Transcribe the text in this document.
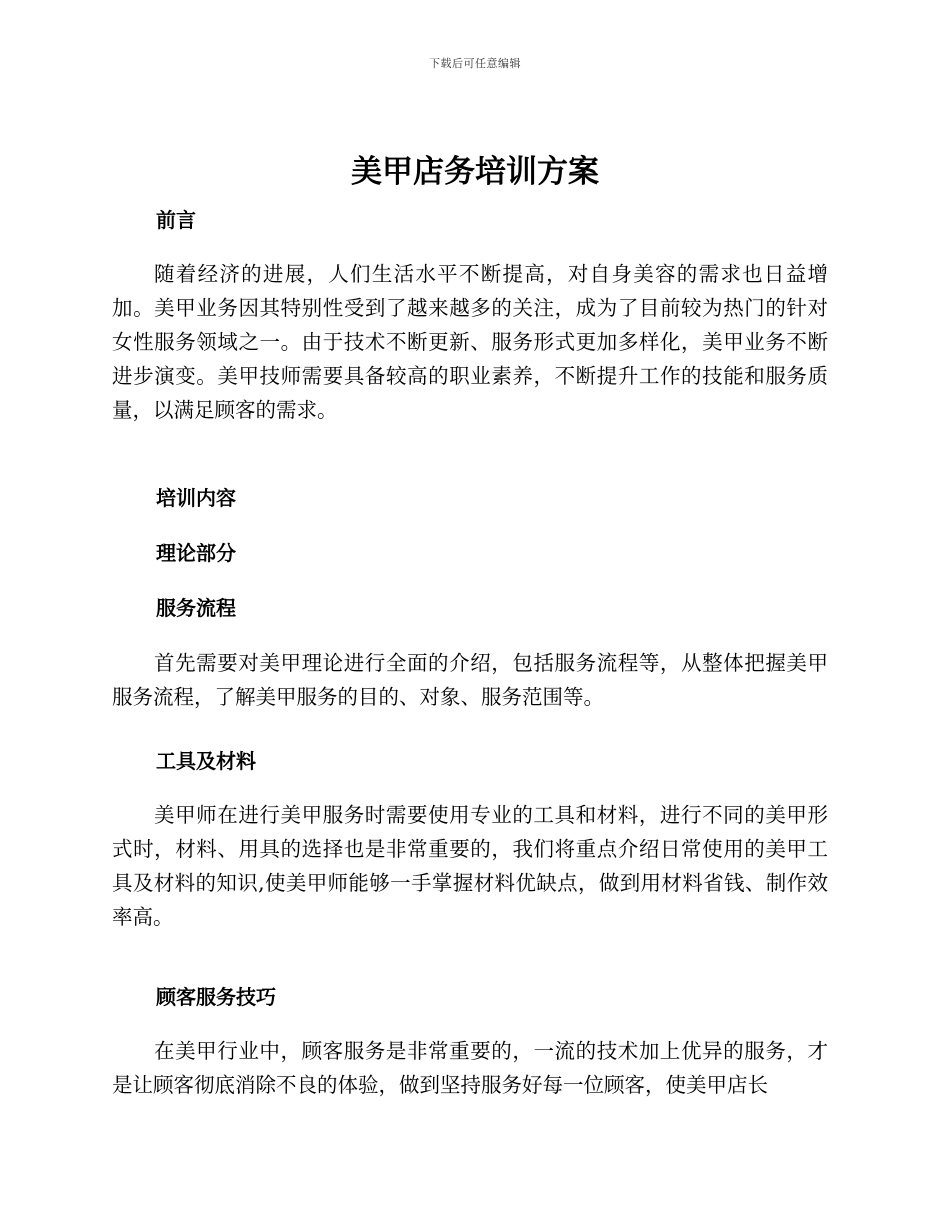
下载后可任意编辑
美甲店务培训方案
前言

随着经济的进展，人们生活水平不断提高，对自身美容的需求也日益增加。美甲业务因其特别性受到了越来越多的关注，成为了目前较为热门的针对女性服务领域之一。由于技术不断更新、服务形式更加多样化，美甲业务不断进步演变。美甲技师需要具备较高的职业素养，不断提升工作的技能和服务质量，以满足顾客的需求。

培训内容
理论部分
服务流程

首先需要对美甲理论进行全面的介绍，包括服务流程等，从整体把握美甲服务流程，了解美甲服务的目的、对象、服务范围等。

工具及材料

美甲师在进行美甲服务时需要使用专业的工具和材料，进行不同的美甲形式时，材料、用具的选择也是非常重要的，我们将重点介绍日常使用的美甲工具及材料的知识,使美甲师能够一手掌握材料优缺点，做到用材料省钱、制作效率高。

顾客服务技巧

在美甲行业中，顾客服务是非常重要的，一流的技术加上优异的服务，才是让顾客彻底消除不良的体验，做到坚持服务好每一位顾客，使美甲店长
